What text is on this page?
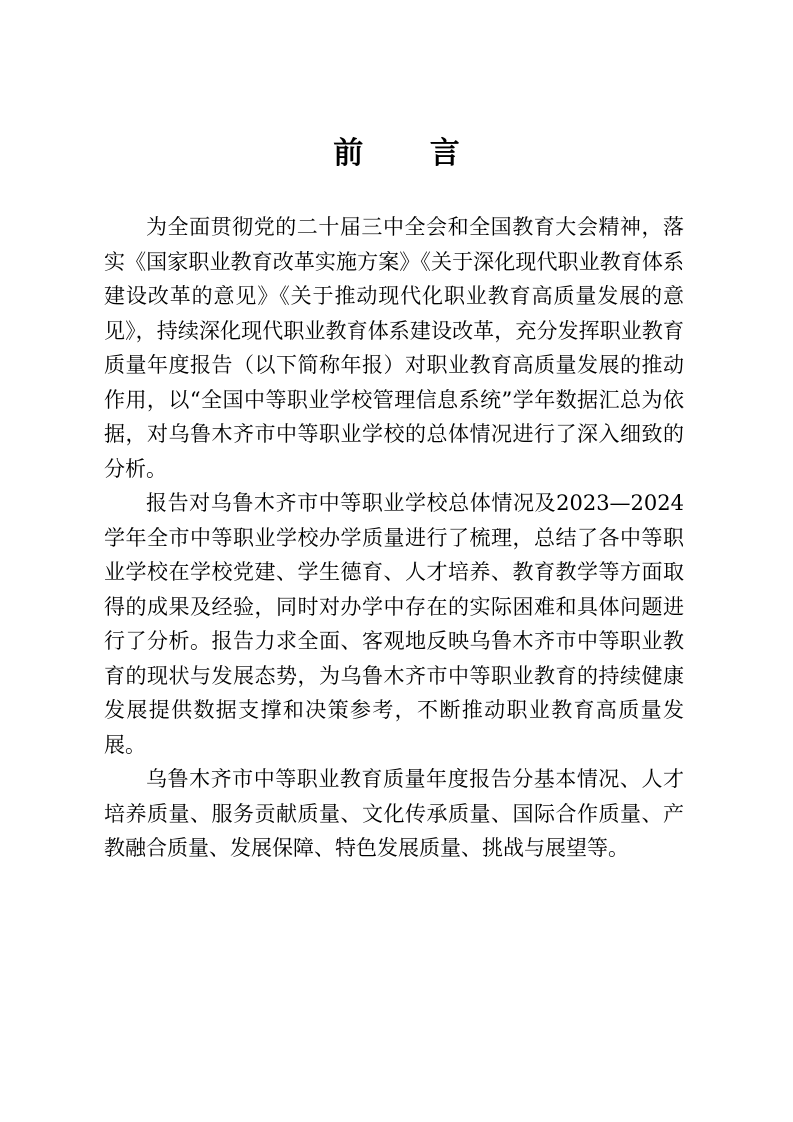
前 言

为全面贯彻党的二十届三中全会和全国教育大会精神，落实《国家职业教育改革实施方案》《关于深化现代职业教育体系建设改革的意见》《关于推动现代化职业教育高质量发展的意见》，持续深化现代职业教育体系建设改革，充分发挥职业教育质量年度报告（以下简称年报）对职业教育高质量发展的推动作用，以“全国中等职业学校管理信息系统”学年数据汇总为依据，对乌鲁木齐市中等职业学校的总体情况进行了深入细致的分析。

报告对乌鲁木齐市中等职业学校总体情况及2023—2024学年全市中等职业学校办学质量进行了梳理，总结了各中等职业学校在学校党建、学生德育、人才培养、教育教学等方面取得的成果及经验，同时对办学中存在的实际困难和具体问题进行了分析。报告力求全面、客观地反映乌鲁木齐市中等职业教育的现状与发展态势，为乌鲁木齐市中等职业教育的持续健康发展提供数据支撑和决策参考，不断推动职业教育高质量发展。

乌鲁木齐市中等职业教育质量年度报告分基本情况、人才培养质量、服务贡献质量、文化传承质量、国际合作质量、产教融合质量、发展保障、特色发展质量、挑战与展望等。
